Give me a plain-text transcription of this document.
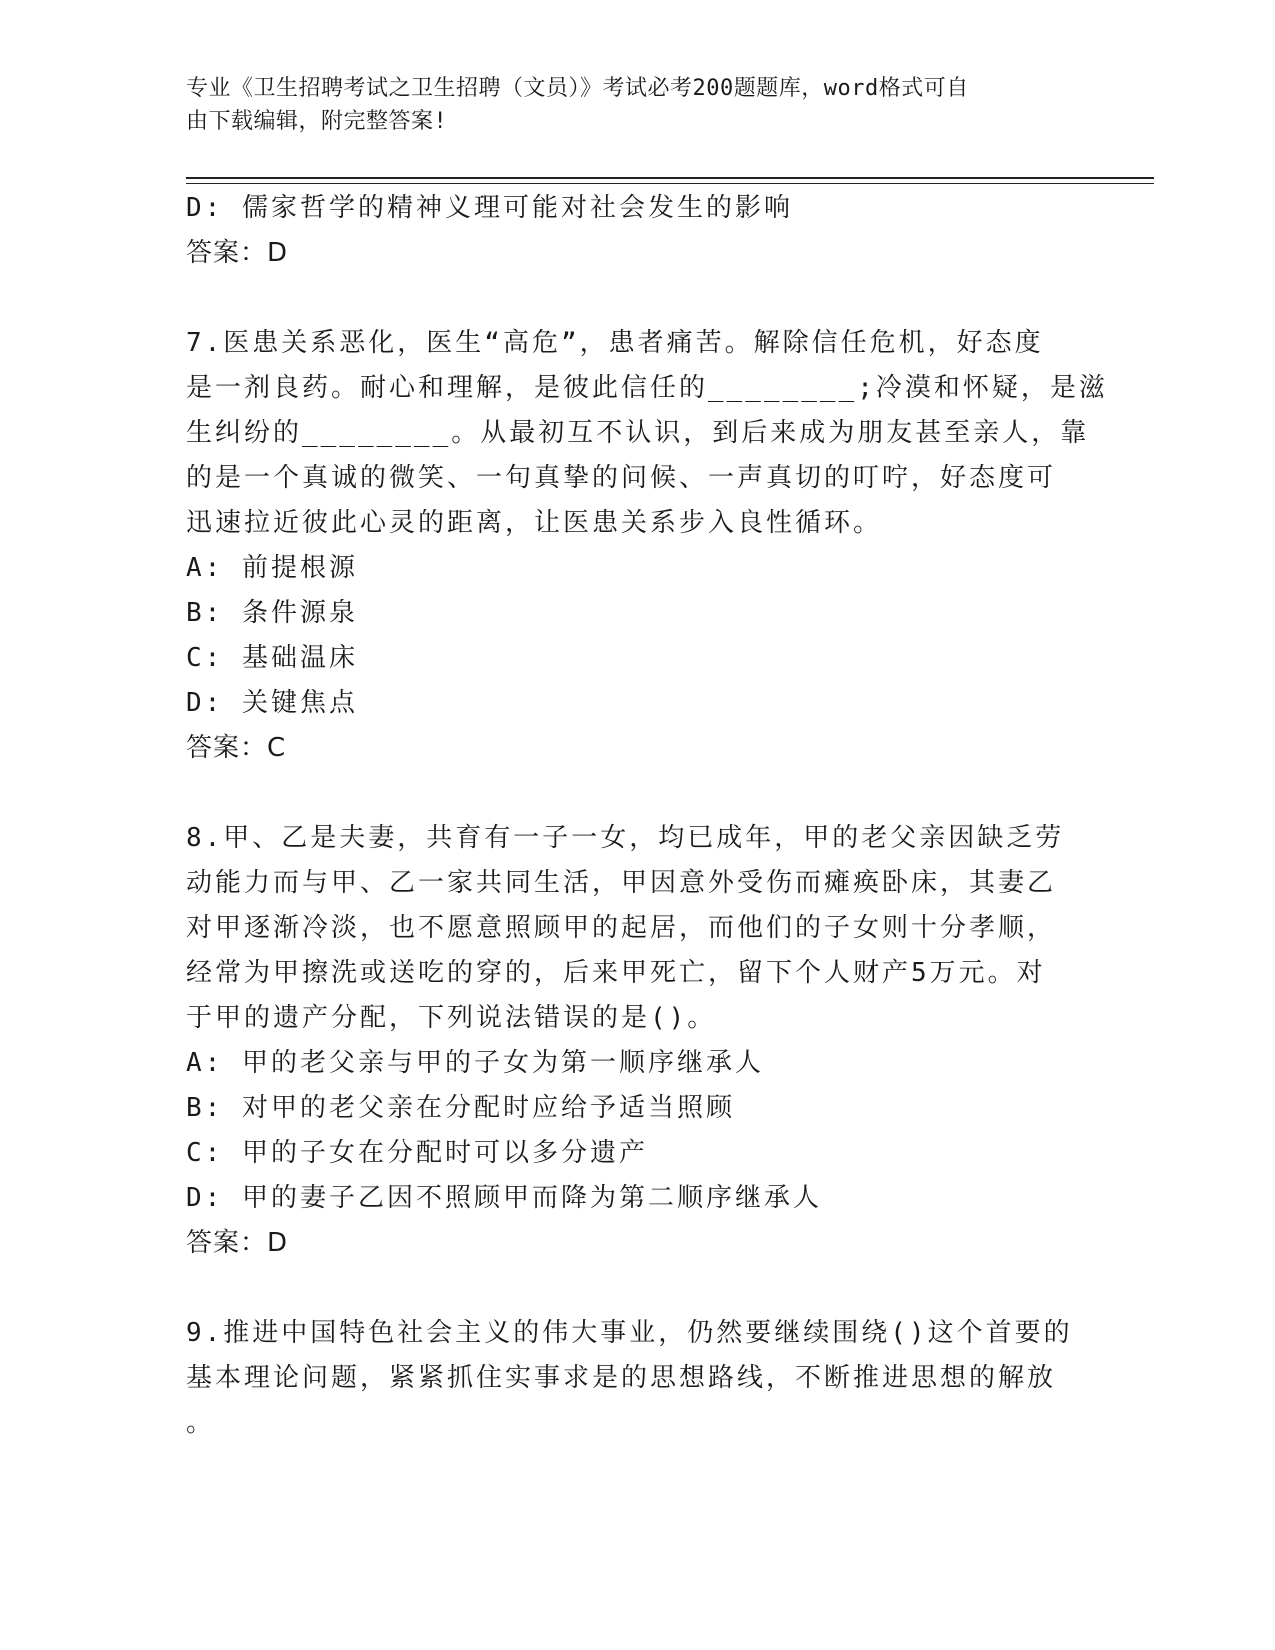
专业《卫生招聘考试之卫生招聘（文员）》考试必考200题题库，word格式可自
由下载编辑，附完整答案!
D: 儒家哲学的精神义理可能对社会发生的影响
答案：D
7.医患关系恶化，医生“高危”，患者痛苦。解除信任危机，好态度
是一剂良药。耐心和理解，是彼此信任的________;冷漠和怀疑，是滋
生纠纷的________。从最初互不认识，到后来成为朋友甚至亲人，靠
的是一个真诚的微笑、一句真挚的问候、一声真切的叮咛，好态度可
迅速拉近彼此心灵的距离，让医患关系步入良性循环。
A: 前提根源
B: 条件源泉
C: 基础温床
D: 关键焦点
答案：C
8.甲、乙是夫妻，共育有一子一女，均已成年，甲的老父亲因缺乏劳
动能力而与甲、乙一家共同生活，甲因意外受伤而瘫痪卧床，其妻乙
对甲逐渐冷淡，也不愿意照顾甲的起居，而他们的子女则十分孝顺，
经常为甲擦洗或送吃的穿的，后来甲死亡，留下个人财产5万元。对
于甲的遗产分配，下列说法错误的是()。
A: 甲的老父亲与甲的子女为第一顺序继承人
B: 对甲的老父亲在分配时应给予适当照顾
C: 甲的子女在分配时可以多分遗产
D: 甲的妻子乙因不照顾甲而降为第二顺序继承人
答案：D
9.推进中国特色社会主义的伟大事业，仍然要继续围绕()这个首要的
基本理论问题，紧紧抓住实事求是的思想路线，不断推进思想的解放
。
